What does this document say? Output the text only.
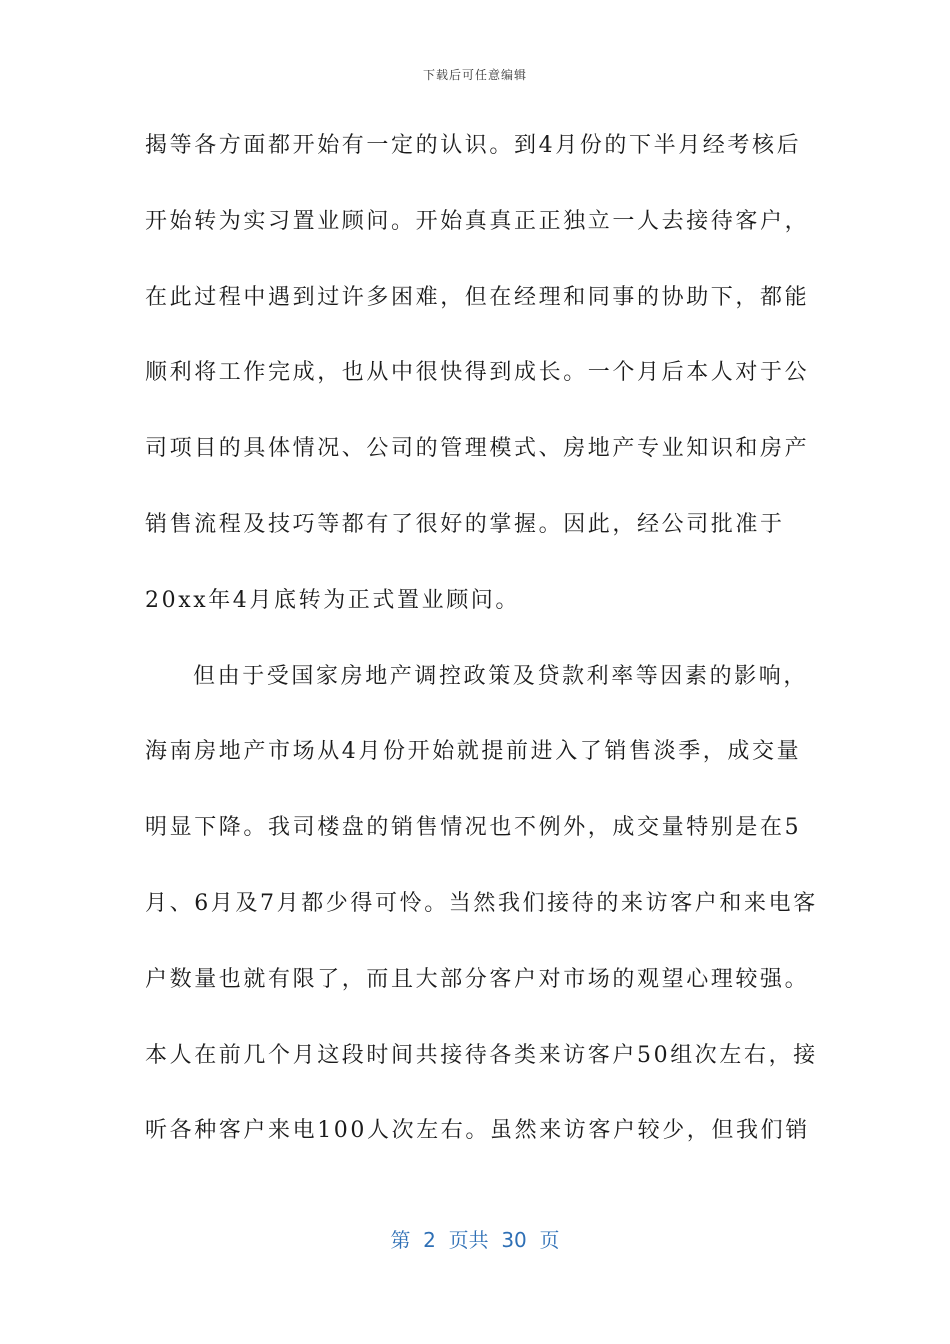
下载后可任意编辑
揭等各方面都开始有一定的认识。到4月份的下半月经考核后
开始转为实习置业顾问。开始真真正正独立一人去接待客户，
在此过程中遇到过许多困难，但在经理和同事的协助下，都能
顺利将工作完成，也从中很快得到成长。一个月后本人对于公
司项目的具体情况、公司的管理模式、房地产专业知识和房产
销售流程及技巧等都有了很好的掌握。因此，经公司批准于
20xx年4月底转为正式置业顾问。
但由于受国家房地产调控政策及贷款利率等因素的影响，
海南房地产市场从4月份开始就提前进入了销售淡季，成交量
明显下降。我司楼盘的销售情况也不例外，成交量特别是在5
月、6月及7月都少得可怜。当然我们接待的来访客户和来电客
户数量也就有限了，而且大部分客户对市场的观望心理较强。
本人在前几个月这段时间共接待各类来访客户50组次左右，接
听各种客户来电100人次左右。虽然来访客户较少，但我们销
第  2  页共  30  页
